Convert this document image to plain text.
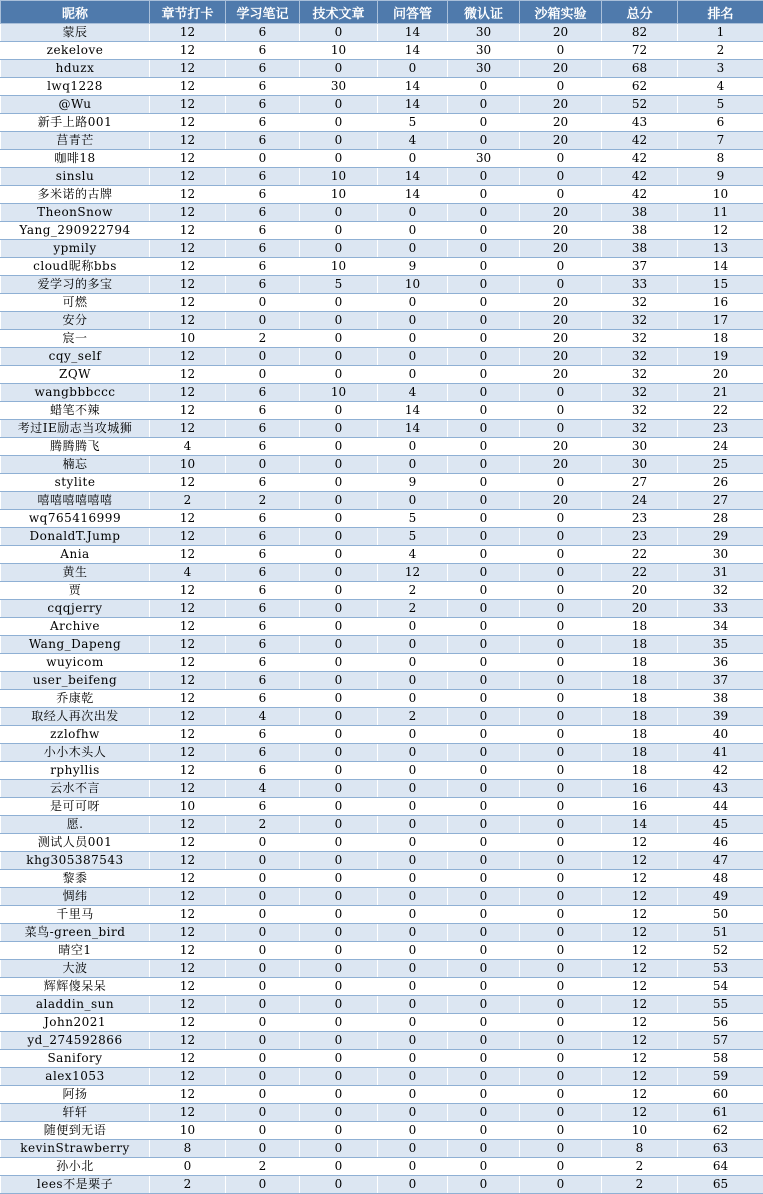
昵称	章节打卡	学习笔记	技术文章	问答管	微认证	沙箱实验	总分	排名
蒙辰	12	6	0	14	30	20	82	1
zekelove	12	6	10	14	30	0	72	2
hduzx	12	6	0	0	30	20	68	3
lwq1228	12	6	30	14	0	0	62	4
@Wu	12	6	0	14	0	20	52	5
新手上路001	12	6	0	5	0	20	43	6
莒青芒	12	6	0	4	0	20	42	7
咖啡18	12	0	0	0	30	0	42	8
sinslu	12	6	10	14	0	0	42	9
多米诺的古牌	12	6	10	14	0	0	42	10
TheonSnow	12	6	0	0	0	20	38	11
Yang_290922794	12	6	0	0	0	20	38	12
ypmily	12	6	0	0	0	20	38	13
cloud昵称bbs	12	6	10	9	0	0	37	14
爱学习的多宝	12	6	5	10	0	0	33	15
可燃	12	0	0	0	0	20	32	16
安分	12	0	0	0	0	20	32	17
宸一	10	2	0	0	0	20	32	18
cqy_self	12	0	0	0	0	20	32	19
ZQW	12	0	0	0	0	20	32	20
wangbbbccc	12	6	10	4	0	0	32	21
蜡笔不辣	12	6	0	14	0	0	32	22
考过IE励志当攻城狮	12	6	0	14	0	0	32	23
腾腾腾飞	4	6	0	0	0	20	30	24
楠忘	10	0	0	0	0	20	30	25
stylite	12	6	0	9	0	0	27	26
嘻嘻嘻嘻嘻嘻	2	2	0	0	0	20	24	27
wq765416999	12	6	0	5	0	0	23	28
DonaldT.Jump	12	6	0	5	0	0	23	29
Ania	12	6	0	4	0	0	22	30
黄生	4	6	0	12	0	0	22	31
贾	12	6	0	2	0	0	20	32
cqqjerry	12	6	0	2	0	0	20	33
Archive	12	6	0	0	0	0	18	34
Wang_Dapeng	12	6	0	0	0	0	18	35
wuyicom	12	6	0	0	0	0	18	36
user_beifeng	12	6	0	0	0	0	18	37
乔康乾	12	6	0	0	0	0	18	38
取经人再次出发	12	4	0	2	0	0	18	39
zzlofhw	12	6	0	0	0	0	18	40
小小木头人	12	6	0	0	0	0	18	41
rphyllis	12	6	0	0	0	0	18	42
云水不言	12	4	0	0	0	0	16	43
是可可呀	10	6	0	0	0	0	16	44
愿.	12	2	0	0	0	0	14	45
测试人员001	12	0	0	0	0	0	12	46
khg305387543	12	0	0	0	0	0	12	47
黎黍	12	0	0	0	0	0	12	48
惆纬	12	0	0	0	0	0	12	49
千里马	12	0	0	0	0	0	12	50
菜鸟-green_bird	12	0	0	0	0	0	12	51
晴空1	12	0	0	0	0	0	12	52
大波	12	0	0	0	0	0	12	53
辉辉傻呆呆	12	0	0	0	0	0	12	54
aladdin_sun	12	0	0	0	0	0	12	55
John2021	12	0	0	0	0	0	12	56
yd_274592866	12	0	0	0	0	0	12	57
Sanifory	12	0	0	0	0	0	12	58
alex1053	12	0	0	0	0	0	12	59
阿扬	12	0	0	0	0	0	12	60
轩轩	12	0	0	0	0	0	12	61
随便到无语	10	0	0	0	0	0	10	62
kevinStrawberry	8	0	0	0	0	0	8	63
孙小北	0	2	0	0	0	0	2	64
lees不是栗子	2	0	0	0	0	0	2	65
